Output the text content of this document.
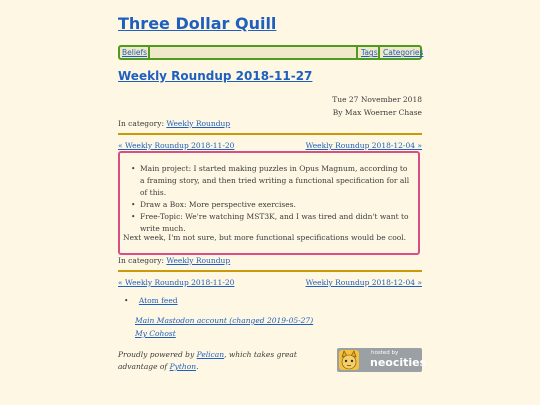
Three Dollar Quill
Beliefs	Tags Categories
Weekly Roundup 2018-11-27
Tue 27 November 2018
By Max Woerner Chase
In category: Weekly Roundup
« Weekly Roundup 2018-11-20	Weekly Roundup 2018-12-04 »
• Main project: I started making puzzles in Opus Magnum, according to a framing story, and then tried writing a functional specification for all of this.
• Draw a Box: More perspective exercises.
• Free-Topic: We're watching MST3K, and I was tired and didn't want to write much.
Next week, I'm not sure, but more functional specifications would be cool.
In category: Weekly Roundup
« Weekly Roundup 2018-11-20	Weekly Roundup 2018-12-04 »
• Atom feed
Main Mastodon account (changed 2019-05-27)
My Cohost
Proudly powered by Pelican, which takes great advantage of Python.
hosted by
neocities
